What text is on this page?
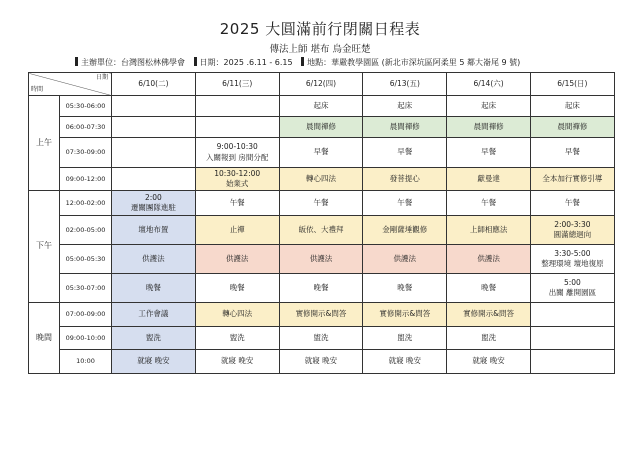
2025 大圓滿前行閉關日程表
傳法上師 堪布 烏金旺楚
主辦單位：台灣图松林佛學會 日期：2025 .6.11 - 6.15 地點：華嚴教學園區 (新北市深坑區阿柔里 5 鄰大崙尾 9 號)
日期
時間		6/10(二)	6/11(三)	6/12(四)	6/13(五)	6/14(六)	6/15(日)
上午	05:30-06:00			起床	起床	起床	起床
	06:00-07:30			晨間禪修	晨間禪修	晨間禪修	晨間禪修
	07:30-09:00		9:00-10:30
入關報到 房間分配	早餐	早餐	早餐	早餐
	09:00-12:00		10:30-12:00
始業式	轉心四法	發菩提心	獻曼達	全本加行實修引導
下午	12:00-02:00	2:00
遷關團隊進駐	午餐	午餐	午餐	午餐	午餐
	02:00-05:00	壇地布置	止禪	皈依、大禮拜	金剛薩埵觀修	上師相應法	2:00-3:30
圓滿總迴向
	05:00-05:30	供護法	供護法	供護法	供護法	供護法	3:30-5:00
整理環境 壇地復原
	05:30-07:00	晚餐	晚餐	晚餐	晚餐	晚餐	5:00
出關 離開園區
晚間	07:00-09:00	工作會議	轉心四法	實修開示&問答	實修開示&問答	實修開示&問答	
	09:00-10:00	盥洗	盥洗	盥洗	盥洗	盥洗	
	10:00	就寢 晚安	就寢 晚安	就寢 晚安	就寢 晚安	就寢 晚安	
